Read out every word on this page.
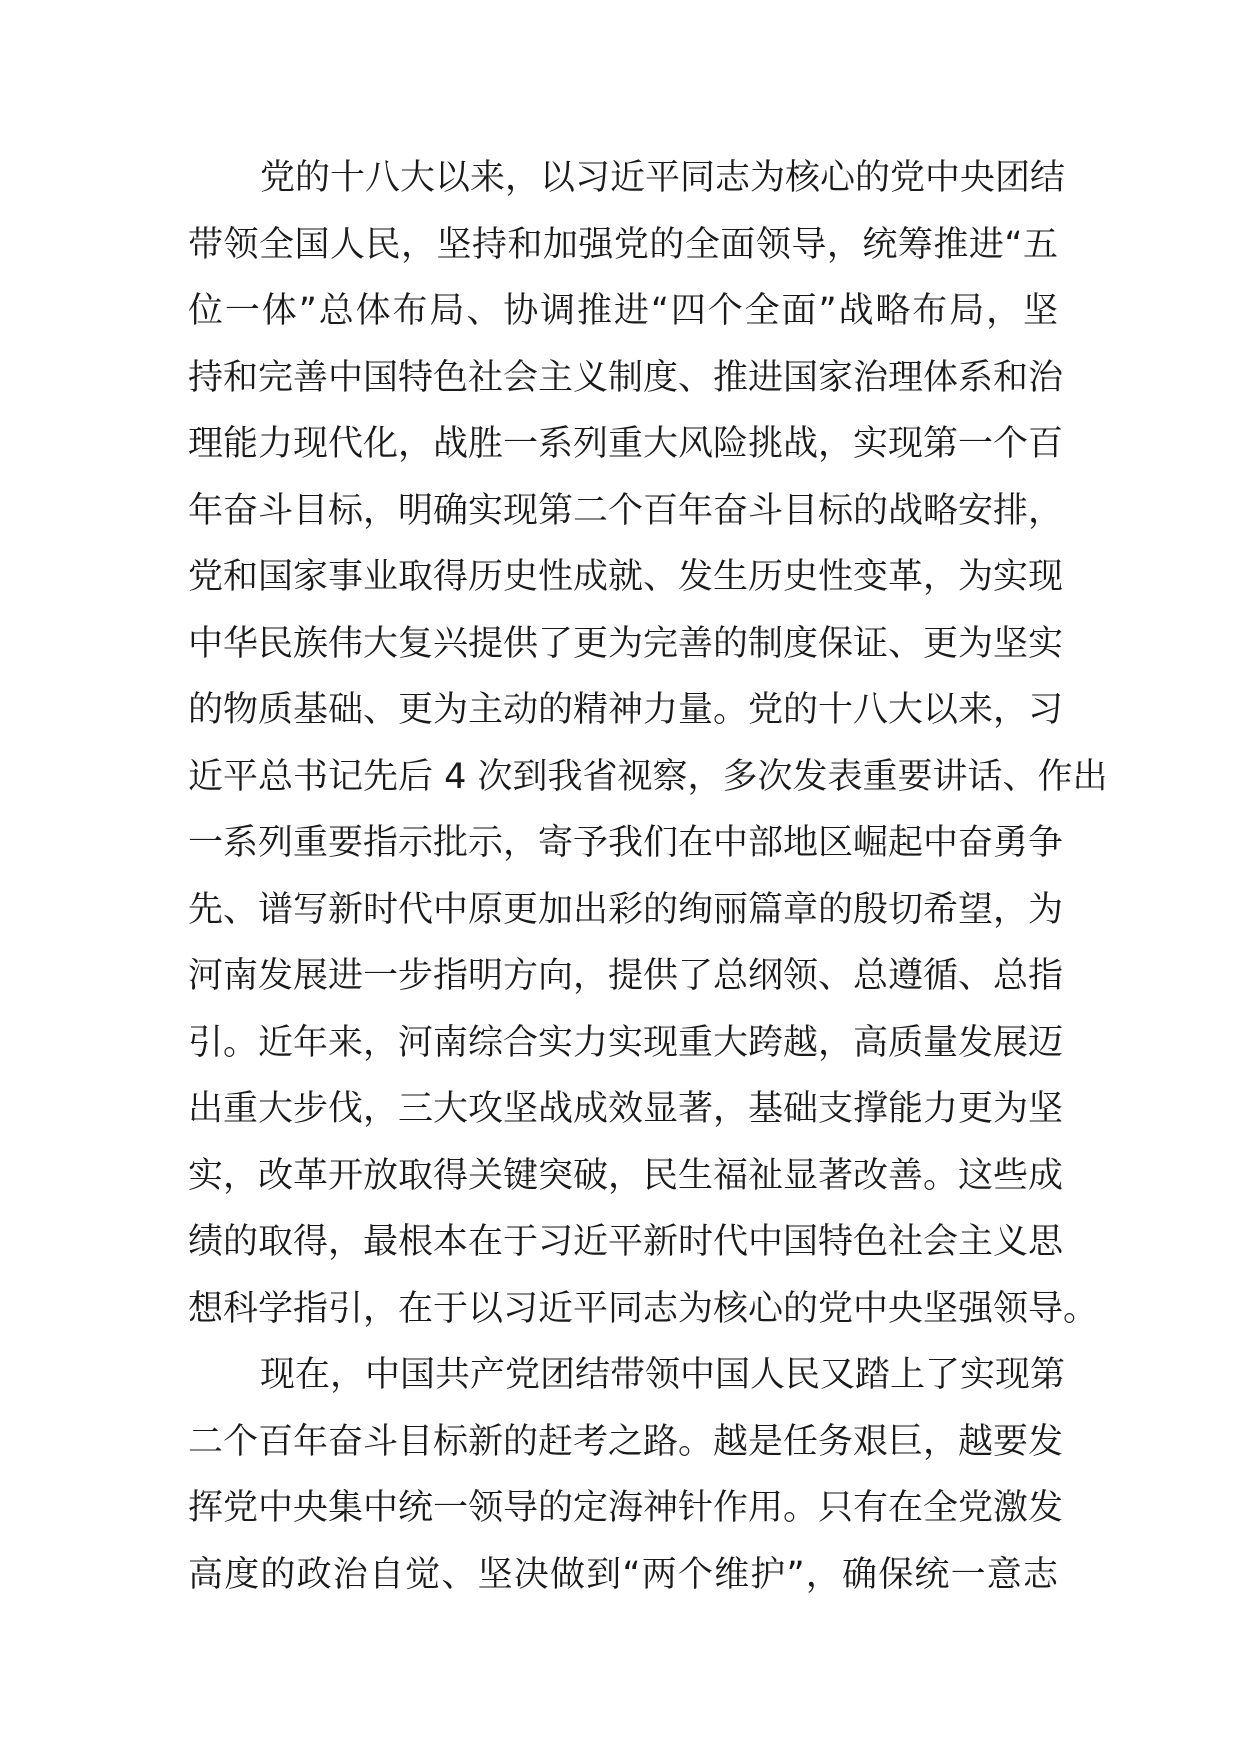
党的十八大以来，以习近平同志为核心的党中央团结
带领全国人民，坚持和加强党的全面领导，统筹推进“五
位一体”总体布局、协调推进“四个全面”战略布局，坚
持和完善中国特色社会主义制度、推进国家治理体系和治
理能力现代化，战胜一系列重大风险挑战，实现第一个百
年奋斗目标，明确实现第二个百年奋斗目标的战略安排，
党和国家事业取得历史性成就、发生历史性变革，为实现
中华民族伟大复兴提供了更为完善的制度保证、更为坚实
的物质基础、更为主动的精神力量。党的十八大以来，习
近平总书记先后 4 次到我省视察，多次发表重要讲话、作出
一系列重要指示批示，寄予我们在中部地区崛起中奋勇争
先、谱写新时代中原更加出彩的绚丽篇章的殷切希望，为
河南发展进一步指明方向，提供了总纲领、总遵循、总指
引。近年来，河南综合实力实现重大跨越，高质量发展迈
出重大步伐，三大攻坚战成效显著，基础支撑能力更为坚
实，改革开放取得关键突破，民生福祉显著改善。这些成
绩的取得，最根本在于习近平新时代中国特色社会主义思
想科学指引，在于以习近平同志为核心的党中央坚强领导。
现在，中国共产党团结带领中国人民又踏上了实现第
二个百年奋斗目标新的赶考之路。越是任务艰巨，越要发
挥党中央集中统一领导的定海神针作用。只有在全党激发
高度的政治自觉、坚决做到“两个维护”，确保统一意志
